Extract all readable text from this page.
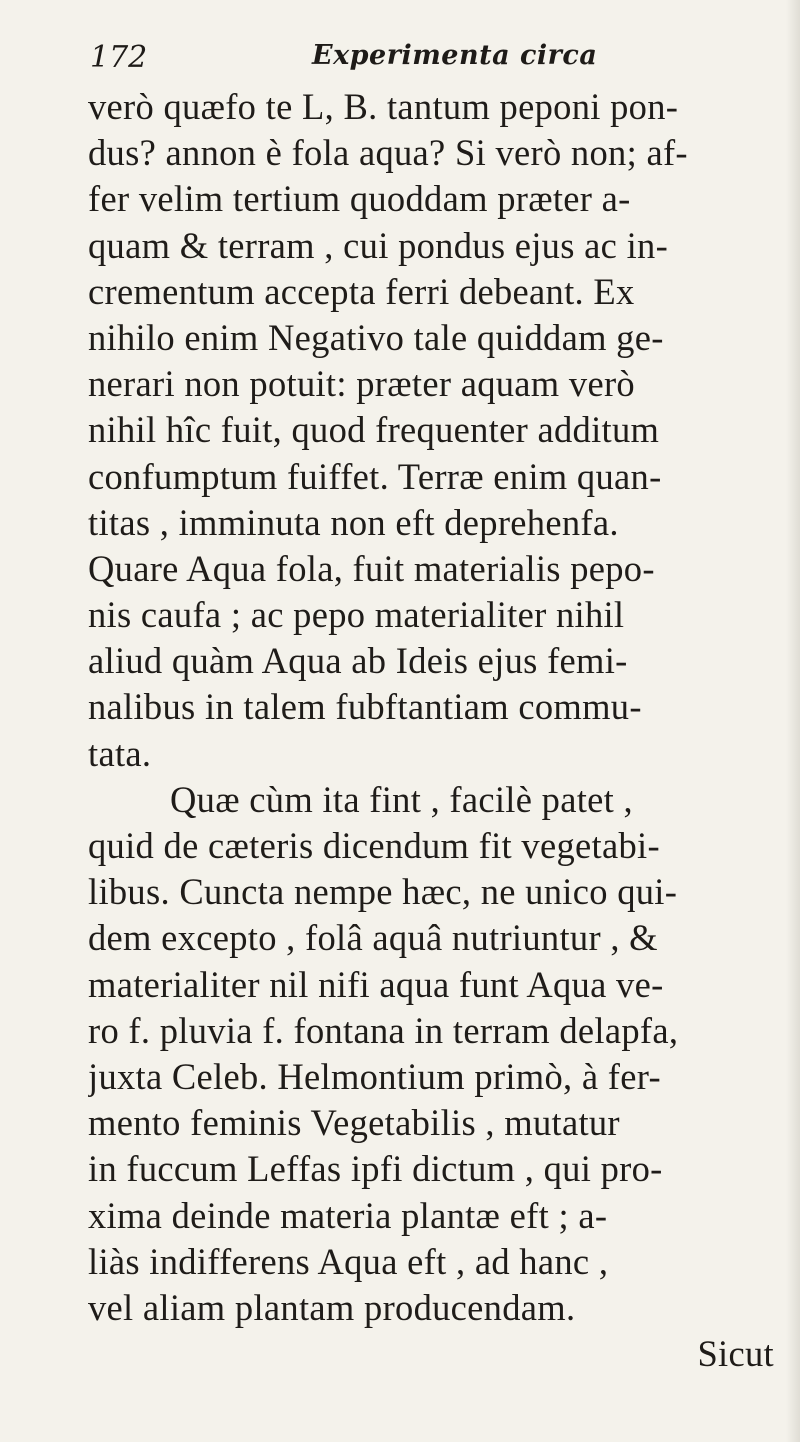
172	Experimenta circa
verò quæfo te L, B. tantum peponi pon-
dus? annon è fola aqua? Si verò non; af-
fer velim tertium quoddam præter a-
quam & terram , cui pondus ejus ac in-
crementum accepta ferri debeant. Ex
nihilo enim Negativo tale quiddam ge-
nerari non potuit: præter aquam verò
nihil hîc fuit, quod frequenter additum
confumptum fuiffet. Terræ enim quan-
titas , imminuta non eft deprehenfa.
Quare Aqua fola, fuit materialis pepo-
nis caufa ; ac pepo materialiter nihil
aliud quàm Aqua ab Ideis ejus femi-
nalibus in talem fubftantiam commu-
tata.
Quæ cùm ita fint , facilè patet ,
quid de cæteris dicendum fit vegetabi-
libus. Cuncta nempe hæc, ne unico qui-
dem excepto , folâ aquâ nutriuntur , &
materialiter nil nifi aqua funt Aqua ve-
ro f. pluvia f. fontana in terram delapfa,
juxta Celeb. Helmontium primò, à fer-
mento feminis Vegetabilis , mutatur
in fuccum Leffas ipfi dictum , qui pro-
xima deinde materia plantæ eft ; a-
liàs indifferens Aqua eft , ad hanc ,
vel aliam plantam producendam.
Sicut
